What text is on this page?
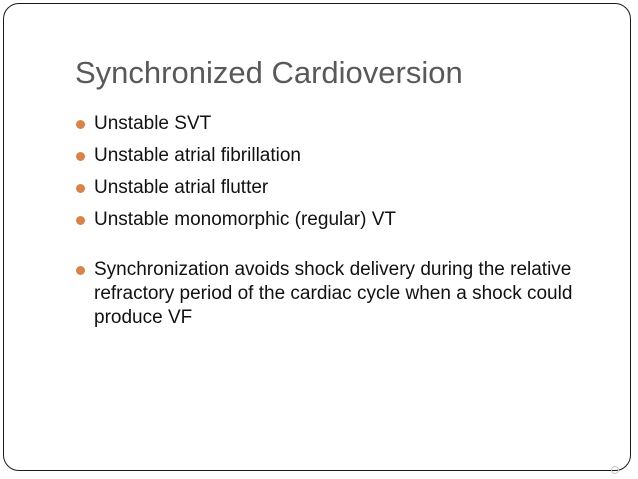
Synchronized Cardioversion
Unstable SVT
Unstable atrial fibrillation
Unstable atrial flutter
Unstable monomorphic (regular) VT
Synchronization avoids shock delivery during the relative refractory period of the cardiac cycle when a shock could produce VF
